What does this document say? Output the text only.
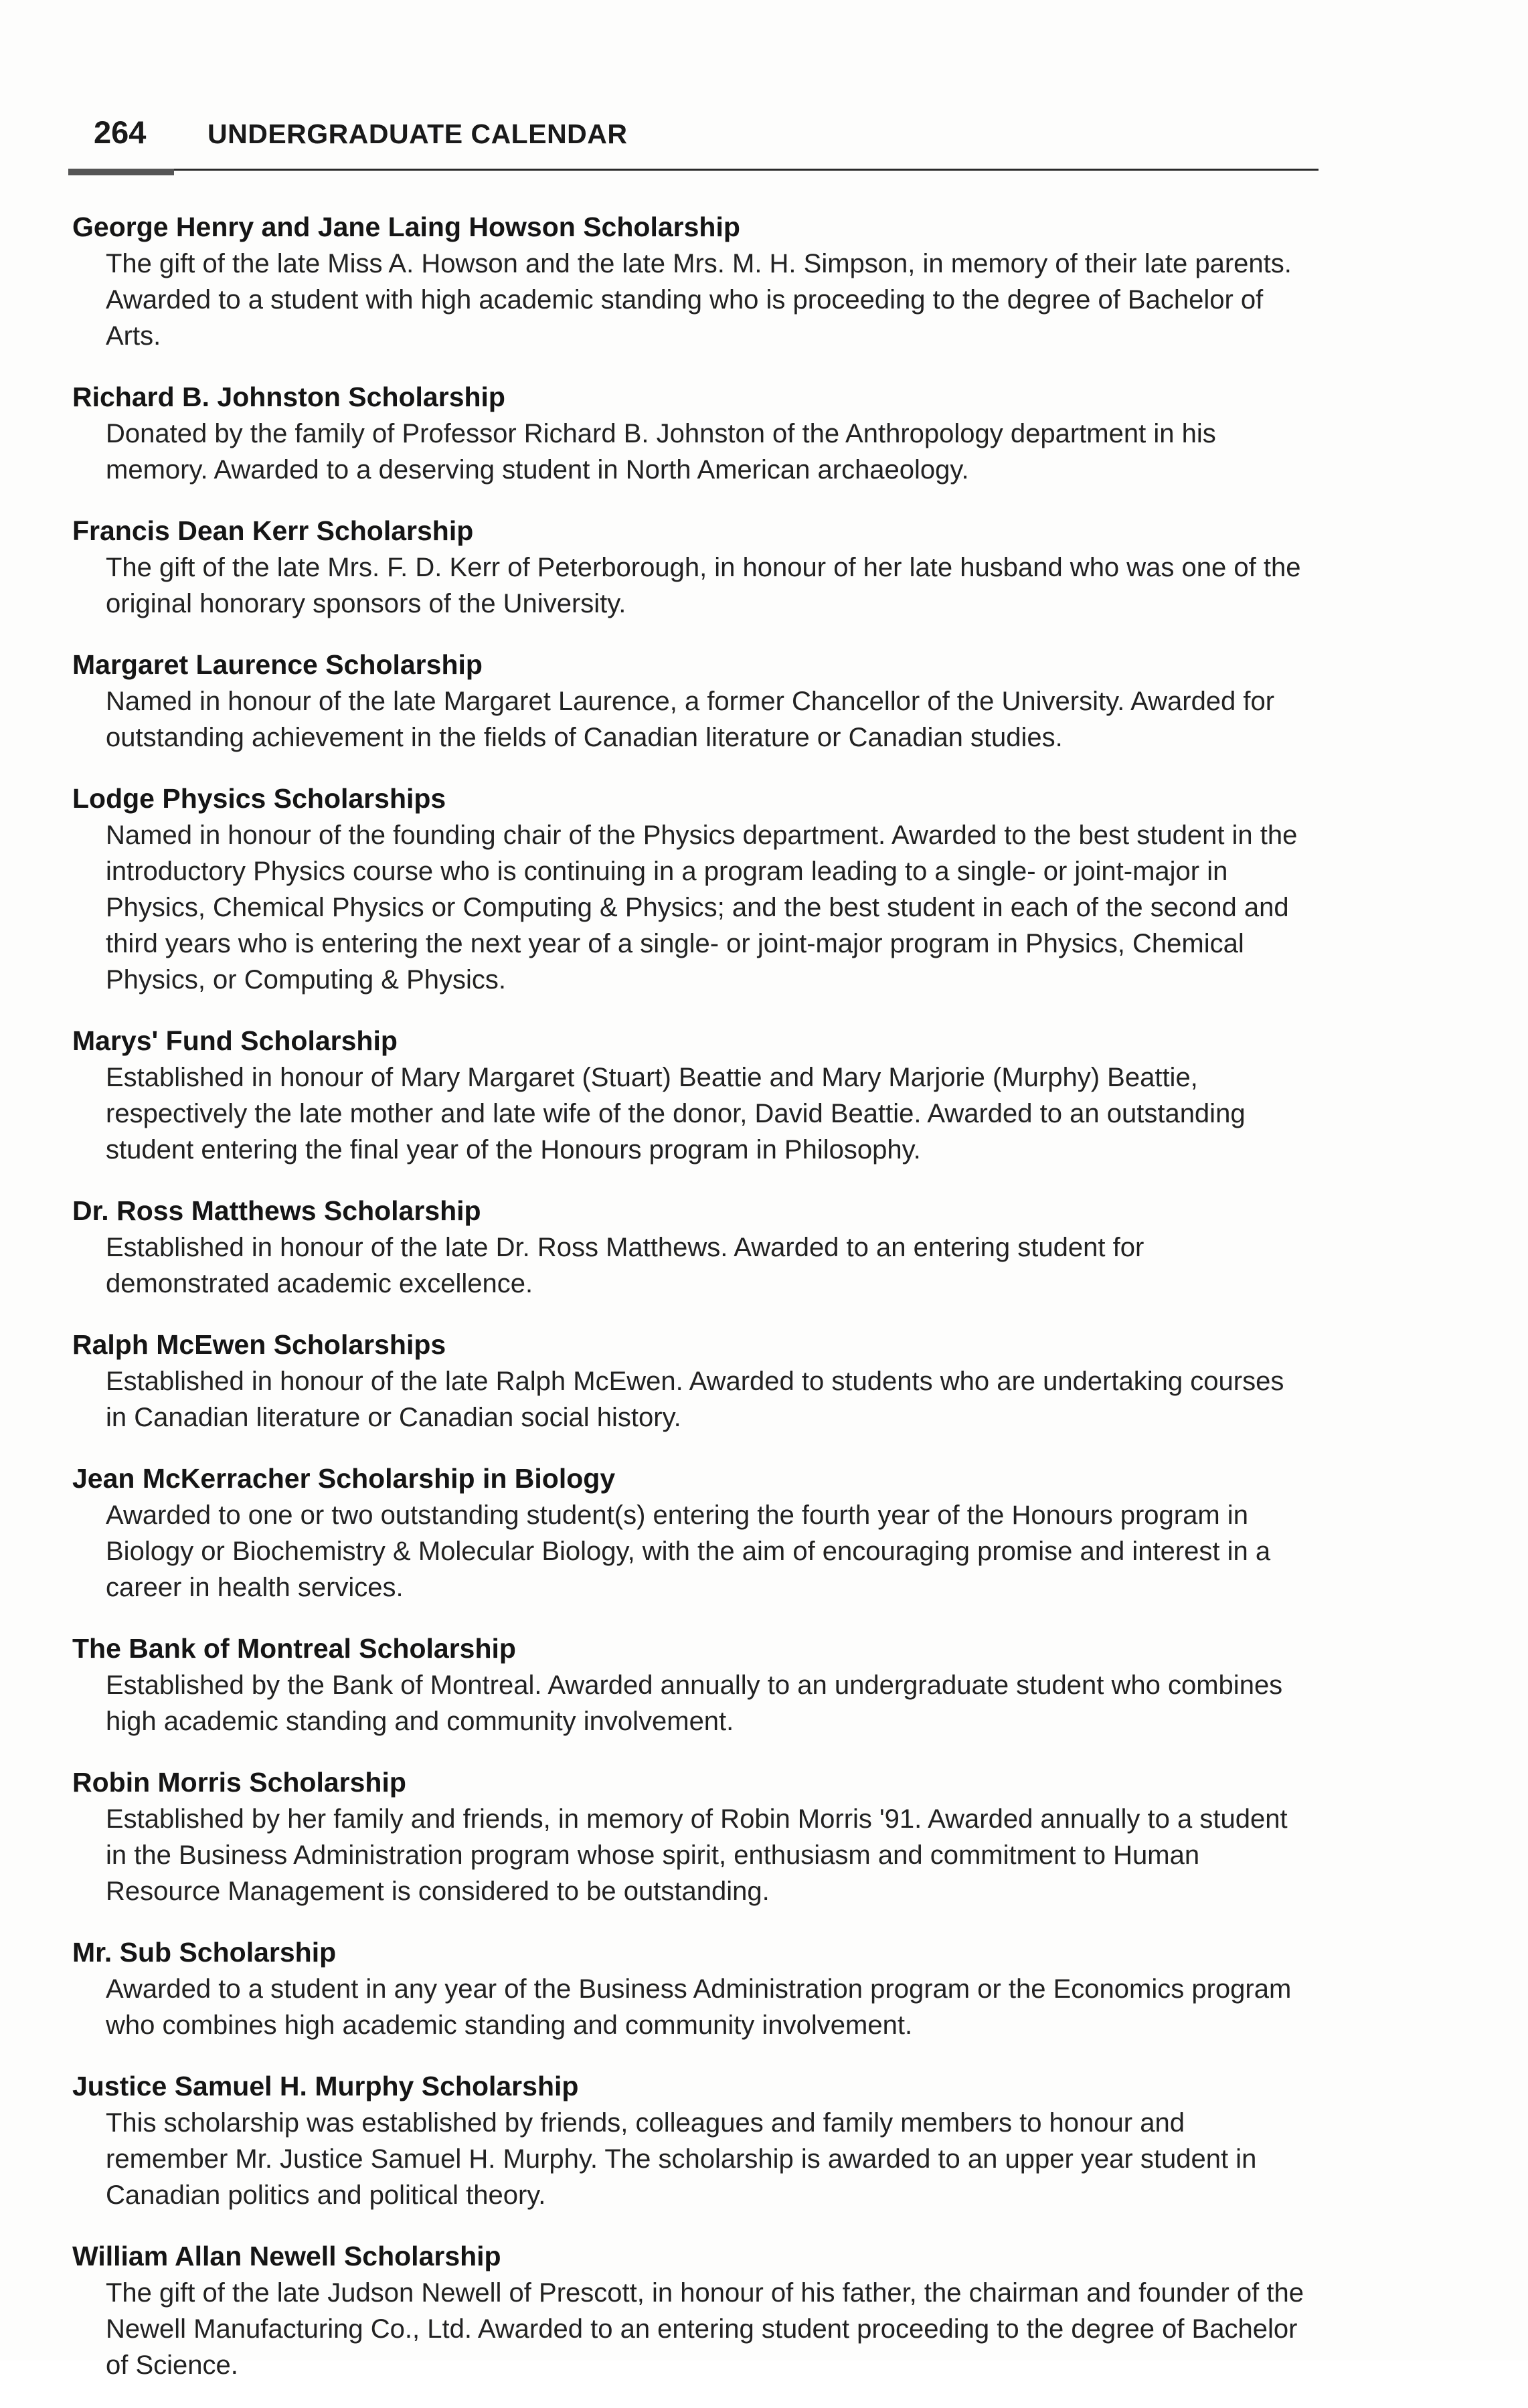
264 UNDERGRADUATE CALENDAR

George Henry and Jane Laing Howson Scholarship

The gift of the late Miss A. Howson and the late Mrs. M. H. Simpson, in memory of their late parents. Awarded to a student with high academic standing who is proceeding to the degree of Bachelor of Arts.

Richard B. Johnston Scholarship

Donated by the family of Professor Richard B. Johnston of the Anthropology department in his memory. Awarded to a deserving student in North American archaeology.

Francis Dean Kerr Scholarship

The gift of the late Mrs. F. D. Kerr of Peterborough, in honour of her late husband who was one of the original honorary sponsors of the University.

Margaret Laurence Scholarship

Named in honour of the late Margaret Laurence, a former Chancellor of the University. Awarded for outstanding achievement in the fields of Canadian literature or Canadian studies.

Lodge Physics Scholarships

Named in honour of the founding chair of the Physics department. Awarded to the best student in the introductory Physics course who is continuing in a program leading to a single- or joint-major in Physics, Chemical Physics or Computing & Physics; and the best student in each of the second and third years who is entering the next year of a single- or joint-major program in Physics, Chemical Physics, or Computing & Physics.

Marys' Fund Scholarship

Established in honour of Mary Margaret (Stuart) Beattie and Mary Marjorie (Murphy) Beattie, respectively the late mother and late wife of the donor, David Beattie. Awarded to an outstanding student entering the final year of the Honours program in Philosophy.

Dr. Ross Matthews Scholarship

Established in honour of the late Dr. Ross Matthews. Awarded to an entering student for demonstrated academic excellence.

Ralph McEwen Scholarships

Established in honour of the late Ralph McEwen. Awarded to students who are undertaking courses in Canadian literature or Canadian social history.

Jean McKerracher Scholarship in Biology

Awarded to one or two outstanding student(s) entering the fourth year of the Honours program in Biology or Biochemistry & Molecular Biology, with the aim of encouraging promise and interest in a career in health services.

The Bank of Montreal Scholarship

Established by the Bank of Montreal. Awarded annually to an undergraduate student who combines high academic standing and community involvement.

Robin Morris Scholarship

Established by her family and friends, in memory of Robin Morris '91. Awarded annually to a student in the Business Administration program whose spirit, enthusiasm and commitment to Human Resource Management is considered to be outstanding.

Mr. Sub Scholarship

Awarded to a student in any year of the Business Administration program or the Economics program who combines high academic standing and community involvement.

Justice Samuel H. Murphy Scholarship

This scholarship was established by friends, colleagues and family members to honour and remember Mr. Justice Samuel H. Murphy. The scholarship is awarded to an upper year student in Canadian politics and political theory.

William Allan Newell Scholarship

The gift of the late Judson Newell of Prescott, in honour of his father, the chairman and founder of the Newell Manufacturing Co., Ltd. Awarded to an entering student proceeding to the degree of Bachelor of Science.
